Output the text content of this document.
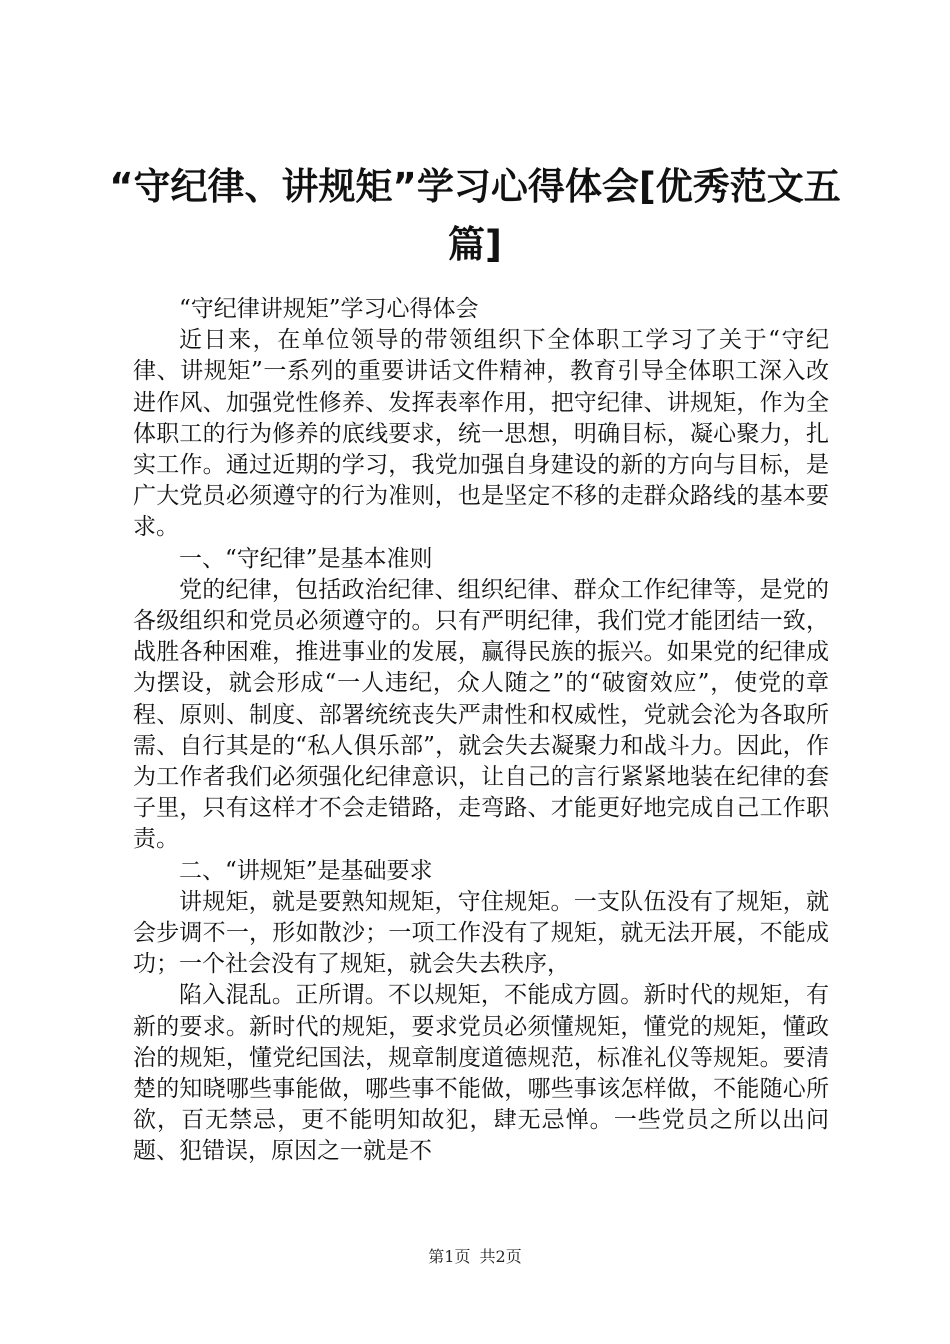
“守纪律、讲规矩”学习心得体会[优秀范文五篇]

“守纪律讲规矩”学习心得体会

近日来，在单位领导的带领组织下全体职工学习了关于“守纪律、讲规矩”一系列的重要讲话文件精神，教育引导全体职工深入改进作风、加强党性修养、发挥表率作用，把守纪律、讲规矩，作为全体职工的行为修养的底线要求，统一思想，明确目标，凝心聚力，扎实工作。通过近期的学习，我党加强自身建设的新的方向与目标，是广大党员必须遵守的行为准则，也是坚定不移的走群众路线的基本要求。

一、“守纪律”是基本准则

党的纪律，包括政治纪律、组织纪律、群众工作纪律等，是党的各级组织和党员必须遵守的。只有严明纪律，我们党才能团结一致，战胜各种困难，推进事业的发展，赢得民族的振兴。如果党的纪律成为摆设，就会形成“一人违纪，众人随之”的“破窗效应”，使党的章程、原则、制度、部署统统丧失严肃性和权威性，党就会沦为各取所需、自行其是的“私人俱乐部”，就会失去凝聚力和战斗力。因此，作为工作者我们必须强化纪律意识，让自己的言行紧紧地装在纪律的套子里，只有这样才不会走错路，走弯路、才能更好地完成自己工作职责。

二、“讲规矩”是基础要求

讲规矩，就是要熟知规矩，守住规矩。一支队伍没有了规矩，就会步调不一，形如散沙；一项工作没有了规矩，就无法开展，不能成功；一个社会没有了规矩，就会失去秩序，

陷入混乱。正所谓。不以规矩，不能成方圆。新时代的规矩，有新的要求。新时代的规矩，要求党员必须懂规矩，懂党的规矩，懂政治的规矩，懂党纪国法，规章制度道德规范，标准礼仪等规矩。要清楚的知晓哪些事能做，哪些事不能做，哪些事该怎样做，不能随心所欲，百无禁忌，更不能明知故犯，肆无忌惮。一些党员之所以出问题、犯错误，原因之一就是不

第1页 共2页
